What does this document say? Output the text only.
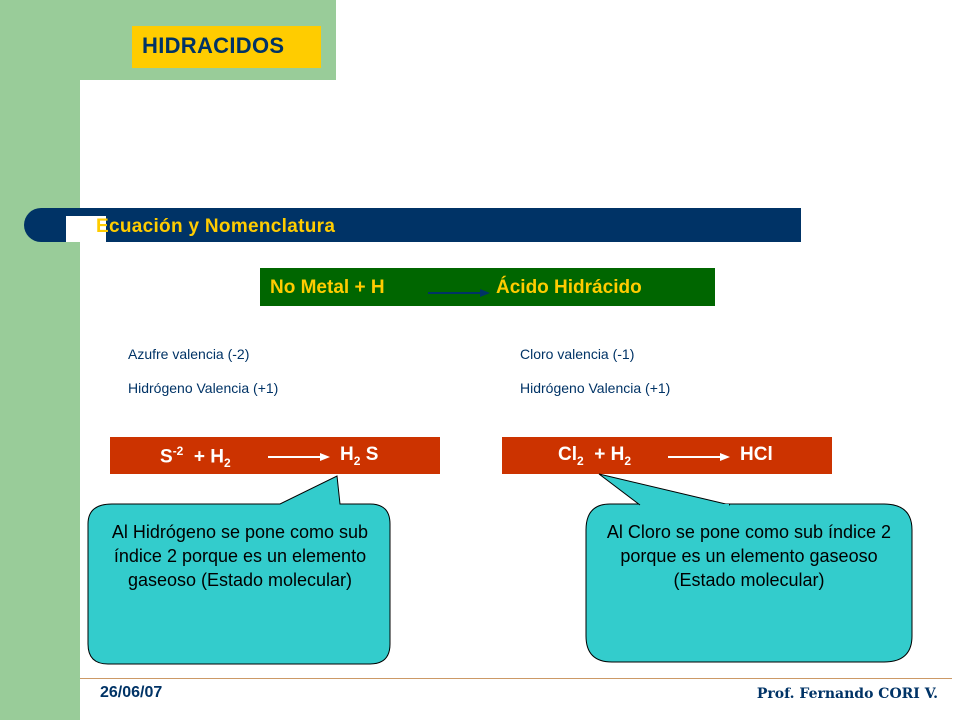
HIDRACIDOS
Ecuación y Nomenclatura
No Metal + H	Ácido Hidrácido
Azufre valencia (-2)
Hidrógeno Valencia (+1)
Cloro valencia (-1)
Hidrógeno Valencia (+1)
$S^{-2} + H_2$	$H_2$ S	$Cl_2 + H_2$	HCl
Al Hidrógeno se pone como sub índice 2 porque es un elemento gaseoso (Estado molecular)
Al Cloro se pone como sub índice 2 porque es un elemento gaseoso (Estado molecular)
26/06/07	Prof. Fernando CORI V.
